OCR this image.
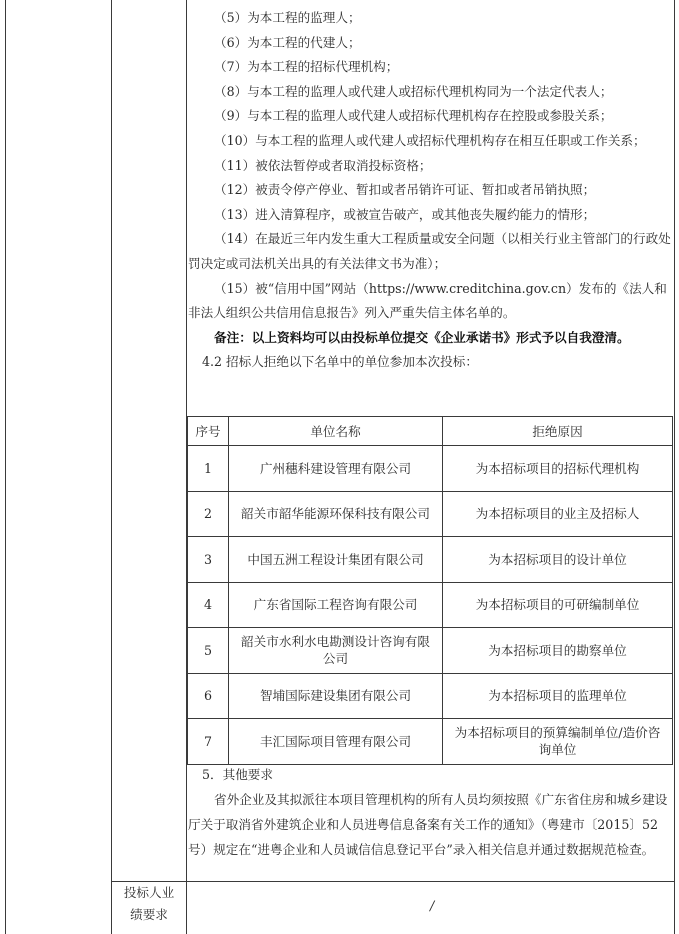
（5）为本工程的监理人；

（6）为本工程的代建人；

（7）为本工程的招标代理机构；

（8）与本工程的监理人或代建人或招标代理机构同为一个法定代表人；

（9）与本工程的监理人或代建人或招标代理机构存在控股或参股关系；

（10）与本工程的监理人或代建人或招标代理机构存在相互任职或工作关系；

（11）被依法暂停或者取消投标资格；

（12）被责令停产停业、暂扣或者吊销许可证、暂扣或者吊销执照；

（13）进入清算程序，或被宣告破产，或其他丧失履约能力的情形；

（14）在最近三年内发生重大工程质量或安全问题（以相关行业主管部门的行政处罚决定或司法机关出具的有关法律文书为准）；

（15）被“信用中国”网站（https://www.creditchina.gov.cn）发布的《法人和非法人组织公共信用信息报告》列入严重失信主体名单的。

备注：以上资料均可以由投标单位提交《企业承诺书》形式予以自我澄清。

4.2 招标人拒绝以下名单中的单位参加本次投标：

序号	单位名称	拒绝原因
1	广州穗科建设管理有限公司	为本招标项目的招标代理机构
2	韶关市韶华能源环保科技有限公司	为本招标项目的业主及招标人
3	中国五洲工程设计集团有限公司	为本招标项目的设计单位
4	广东省国际工程咨询有限公司	为本招标项目的可研编制单位
5	韶关市水利水电勘测设计咨询有限公司	为本招标项目的勘察单位
6	智埔国际建设集团有限公司	为本招标项目的监理单位
7	丰汇国际项目管理有限公司	为本招标项目的预算编制单位/造价咨询单位

5．其他要求

省外企业及其拟派往本项目管理机构的所有人员均须按照《广东省住房和城乡建设厅关于取消省外建筑企业和人员进粤信息备案有关工作的通知》（粤建市〔2015〕52号）规定在“进粤企业和人员诚信信息登记平台”录入相关信息并通过数据规范检查。

投标人业
绩要求
/
